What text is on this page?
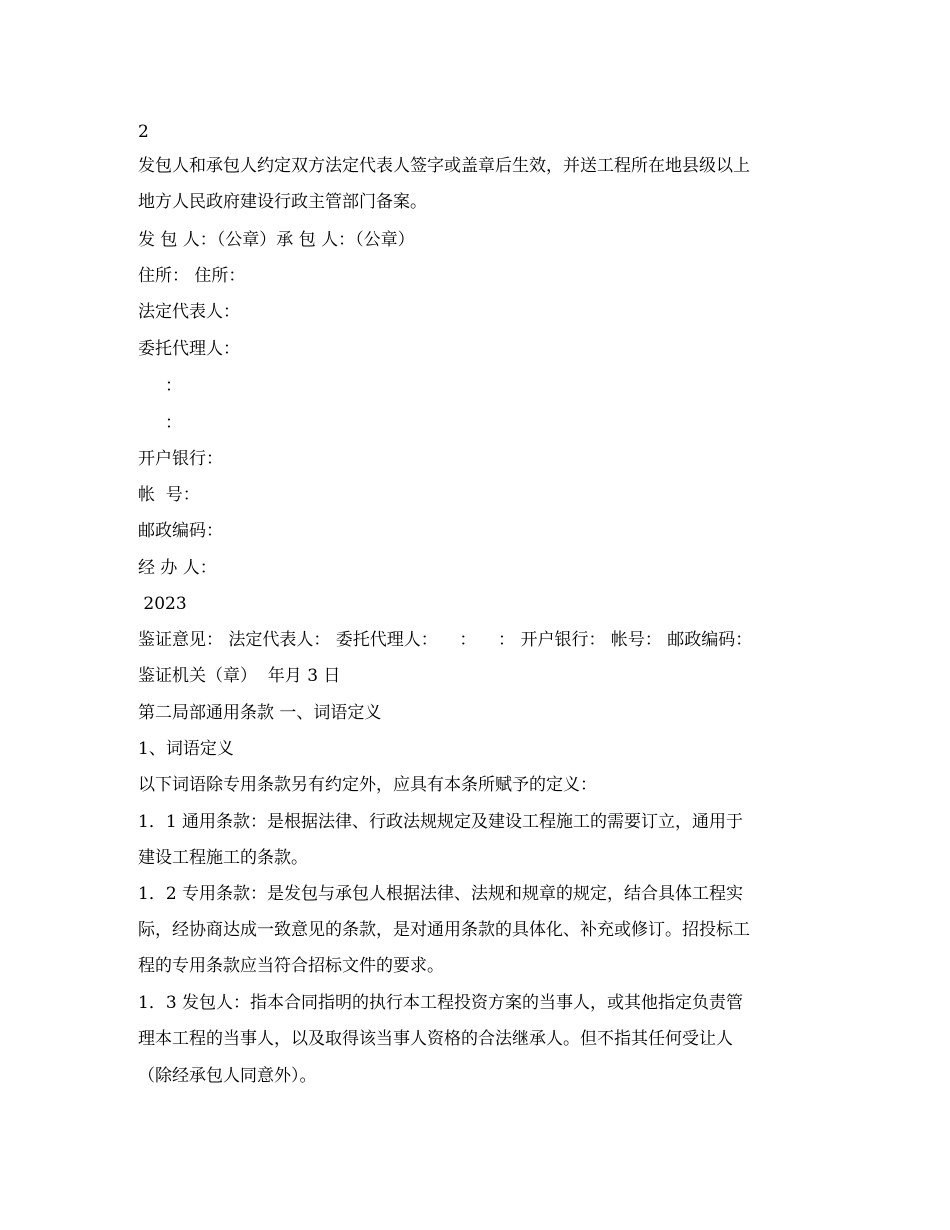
2
发包人和承包人约定双方法定代表人签字或盖章后生效，并送工程所在地县级以上
地方人民政府建设行政主管部门备案。
发 包 人：（公章）承 包 人：（公章）
住所： 住所：
法定代表人：
委托代理人：
：
：
开户银行：
帐  号：
邮政编码：
经 办 人：
2023
鉴证意见： 法定代表人： 委托代理人：    ：    ： 开户银行： 帐号： 邮政编码：
鉴证机关（章）  年月 3 日
第二局部通用条款 一、词语定义
1、词语定义
以下词语除专用条款另有约定外，应具有本条所赋予的定义：
1．1 通用条款：是根据法律、行政法规规定及建设工程施工的需要订立，通用于
建设工程施工的条款。
1．2 专用条款：是发包与承包人根据法律、法规和规章的规定，结合具体工程实
际，经协商达成一致意见的条款，是对通用条款的具体化、补充或修订。招投标工
程的专用条款应当符合招标文件的要求。
1．3 发包人：指本合同指明的执行本工程投资方案的当事人，或其他指定负责管
理本工程的当事人，以及取得该当事人资格的合法继承人。但不指其任何受让人
（除经承包人同意外）。
